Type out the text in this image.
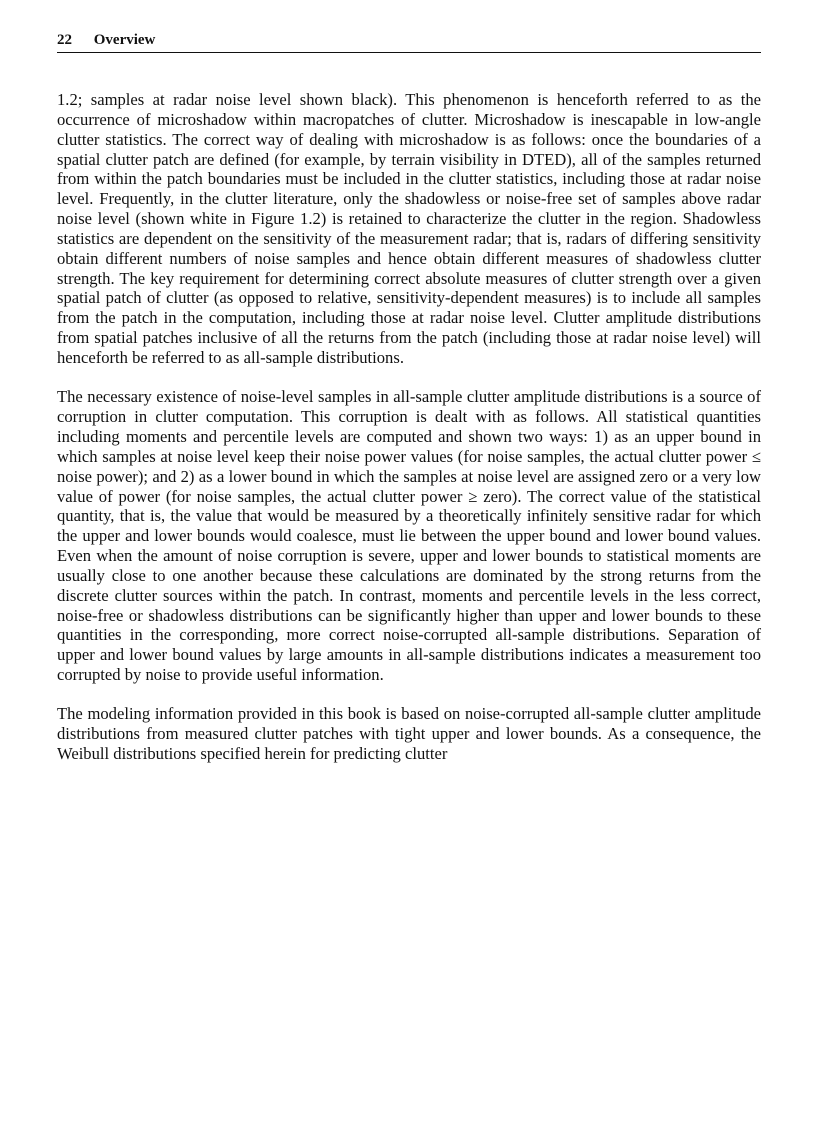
22 Overview

1.2; samples at radar noise level shown black). This phenomenon is henceforth referred to as the occurrence of microshadow within macropatches of clutter. Microshadow is inescapable in low-angle clutter statistics. The correct way of dealing with microshadow is as follows: once the boundaries of a spatial clutter patch are defined (for example, by terrain visibility in DTED), all of the samples returned from within the patch boundaries must be included in the clutter statistics, including those at radar noise level. Frequently, in the clutter literature, only the shadowless or noise-free set of samples above radar noise level (shown white in Figure 1.2) is retained to characterize the clutter in the region. Shadowless statistics are dependent on the sensitivity of the measurement radar; that is, radars of differing sensitivity obtain different numbers of noise samples and hence obtain different measures of shadowless clutter strength. The key requirement for determining correct absolute measures of clutter strength over a given spatial patch of clutter (as opposed to relative, sensitivity-dependent measures) is to include all samples from the patch in the computation, including those at radar noise level. Clutter amplitude distributions from spatial patches inclusive of all the returns from the patch (including those at radar noise level) will henceforth be referred to as all-sample distributions.

The necessary existence of noise-level samples in all-sample clutter amplitude distributions is a source of corruption in clutter computation. This corruption is dealt with as follows. All statistical quantities including moments and percentile levels are computed and shown two ways: 1) as an upper bound in which samples at noise level keep their noise power values (for noise samples, the actual clutter power ≤ noise power); and 2) as a lower bound in which the samples at noise level are assigned zero or a very low value of power (for noise samples, the actual clutter power ≥ zero). The correct value of the statistical quantity, that is, the value that would be measured by a theoretically infinitely sensitive radar for which the upper and lower bounds would coalesce, must lie between the upper bound and lower bound values. Even when the amount of noise corruption is severe, upper and lower bounds to statistical moments are usually close to one another because these calculations are dominated by the strong returns from the discrete clutter sources within the patch. In contrast, moments and percentile levels in the less correct, noise-free or shadowless distributions can be significantly higher than upper and lower bounds to these quantities in the corresponding, more correct noise-corrupted all-sample distributions. Separation of upper and lower bound values by large amounts in all-sample distributions indicates a measurement too corrupted by noise to provide useful information.

The modeling information provided in this book is based on noise-corrupted all-sample clutter amplitude distributions from measured clutter patches with tight upper and lower bounds. As a consequence, the Weibull distributions specified herein for predicting clutter
